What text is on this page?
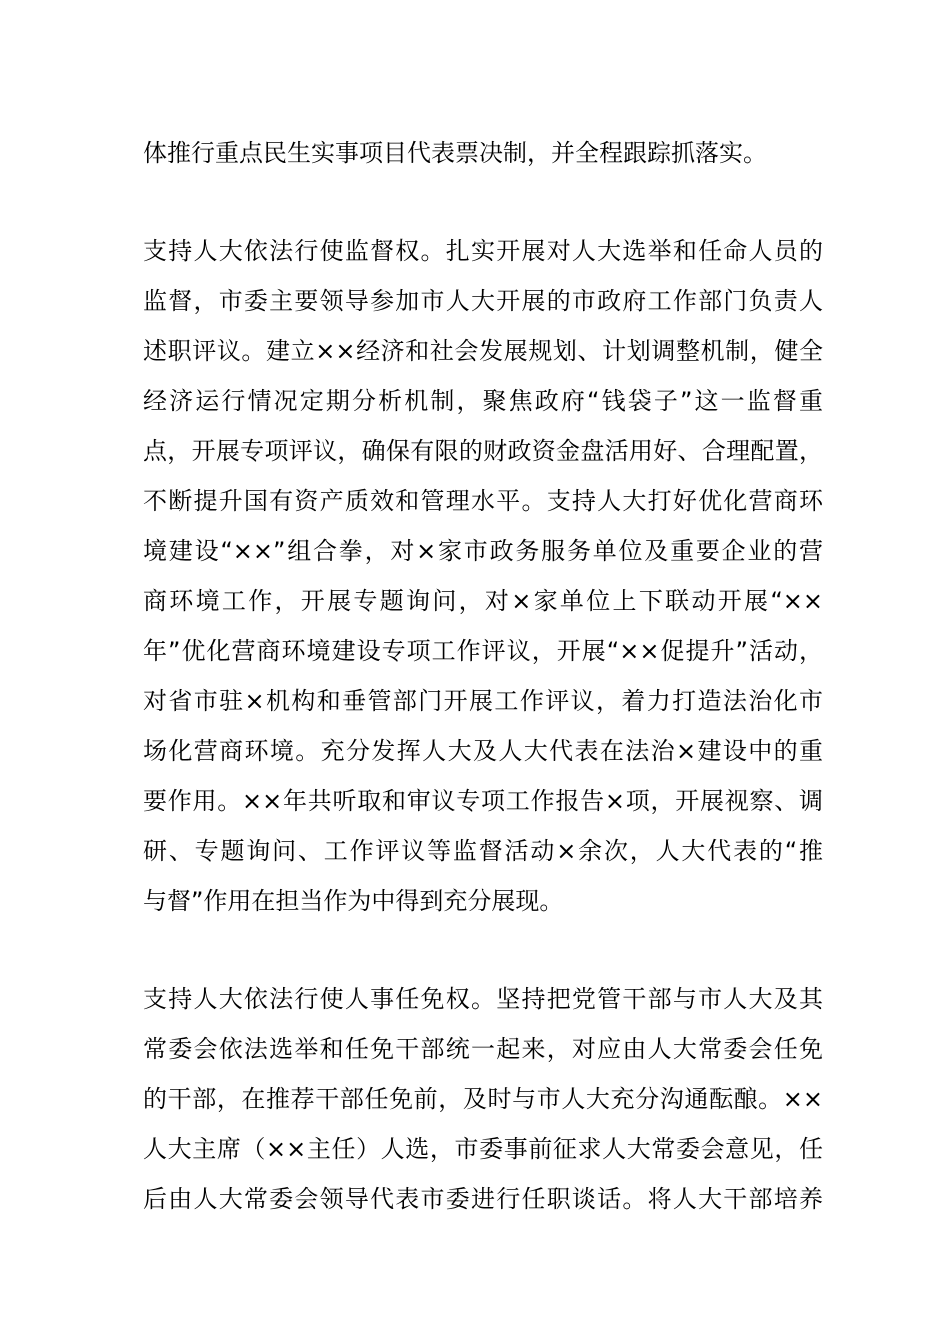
体推行重点民生实事项目代表票决制，并全程跟踪抓落实。
支持人大依法行使监督权。扎实开展对人大选举和任命人员的
监督，市委主要领导参加市人大开展的市政府工作部门负责人
述职评议。建立××经济和社会发展规划、计划调整机制，健全
经济运行情况定期分析机制，聚焦政府“钱袋子”这一监督重
点，开展专项评议，确保有限的财政资金盘活用好、合理配置，
不断提升国有资产质效和管理水平。支持人大打好优化营商环
境建设“××”组合拳，对×家市政务服务单位及重要企业的营
商环境工作，开展专题询问，对×家单位上下联动开展“××
年”优化营商环境建设专项工作评议，开展“××促提升”活动，
对省市驻×机构和垂管部门开展工作评议，着力打造法治化市
场化营商环境。充分发挥人大及人大代表在法治×建设中的重
要作用。××年共听取和审议专项工作报告×项，开展视察、调
研、专题询问、工作评议等监督活动×余次，人大代表的“推
与督”作用在担当作为中得到充分展现。
支持人大依法行使人事任免权。坚持把党管干部与市人大及其
常委会依法选举和任免干部统一起来，对应由人大常委会任免
的干部，在推荐干部任免前，及时与市人大充分沟通酝酿。××
人大主席（××主任）人选，市委事前征求人大常委会意见，任
后由人大常委会领导代表市委进行任职谈话。将人大干部培养
